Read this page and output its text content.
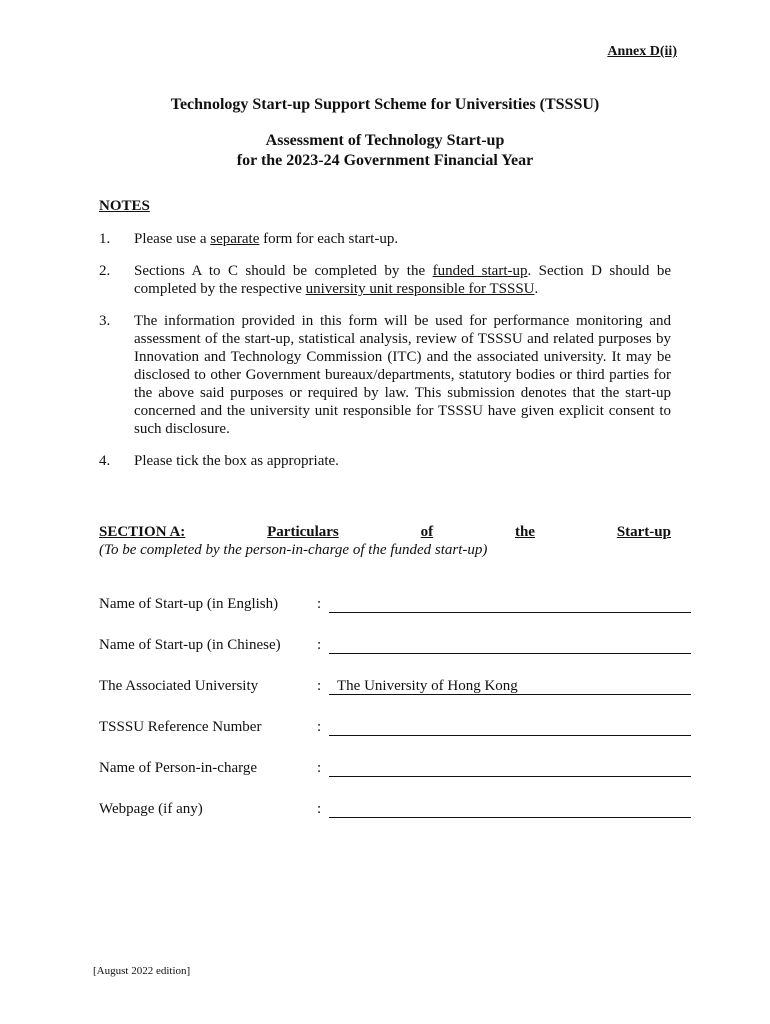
Annex D(ii)
Technology Start-up Support Scheme for Universities (TSSSU)
Assessment of Technology Start-up
for the 2023-24 Government Financial Year
NOTES
1.	Please use a separate form for each start-up.
2.	Sections A to C should be completed by the funded start-up. Section D should be completed by the respective university unit responsible for TSSSU.
3.	The information provided in this form will be used for performance monitoring and assessment of the start-up, statistical analysis, review of TSSSU and related purposes by Innovation and Technology Commission (ITC) and the associated university. It may be disclosed to other Government bureaux/departments, statutory bodies or third parties for the above said purposes or required by law. This submission denotes that the start-up concerned and the university unit responsible for TSSSU have given explicit consent to such disclosure.
4.	Please tick the box as appropriate.
SECTION A:	Particulars	of	the	Start-up
(To be completed by the person-in-charge of the funded start-up)
Name of Start-up (in English)	:
Name of Start-up (in Chinese)	:
The Associated University	:	The University of Hong Kong
TSSSU Reference Number	:
Name of Person-in-charge	:
Webpage (if any)	:
[August 2022 edition]
